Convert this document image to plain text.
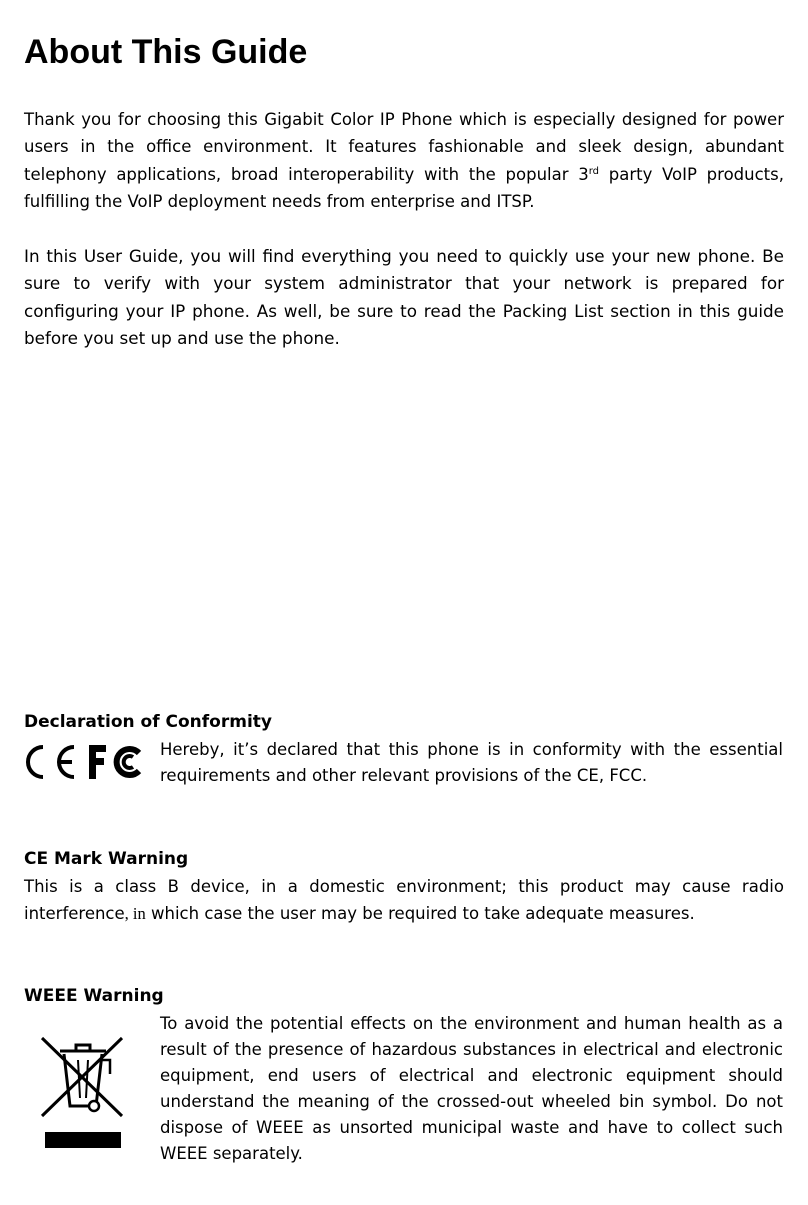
About This Guide

Thank you for choosing this Gigabit Color IP Phone which is especially designed for power users in the office environment. It features fashionable and sleek design, abundant telephony applications, broad interoperability with the popular 3rd party VoIP products, fulfilling the VoIP deployment needs from enterprise and ITSP.

In this User Guide, you will find everything you need to quickly use your new phone. Be sure to verify with your system administrator that your network is prepared for configuring your IP phone. As well, be sure to read the Packing List section in this guide before you set up and use the phone.

Declaration of Conformity

Hereby, it’s declared that this phone is in conformity with the essential requirements and other relevant provisions of the CE, FCC.

CE Mark Warning

This is a class B device, in a domestic environment; this product may cause radio interference, in which case the user may be required to take adequate measures.

WEEE Warning

To avoid the potential effects on the environment and human health as a result of the presence of hazardous substances in electrical and electronic equipment, end users of electrical and electronic equipment should understand the meaning of the crossed-out wheeled bin symbol. Do not dispose of WEEE as unsorted municipal waste and have to collect such WEEE separately.
